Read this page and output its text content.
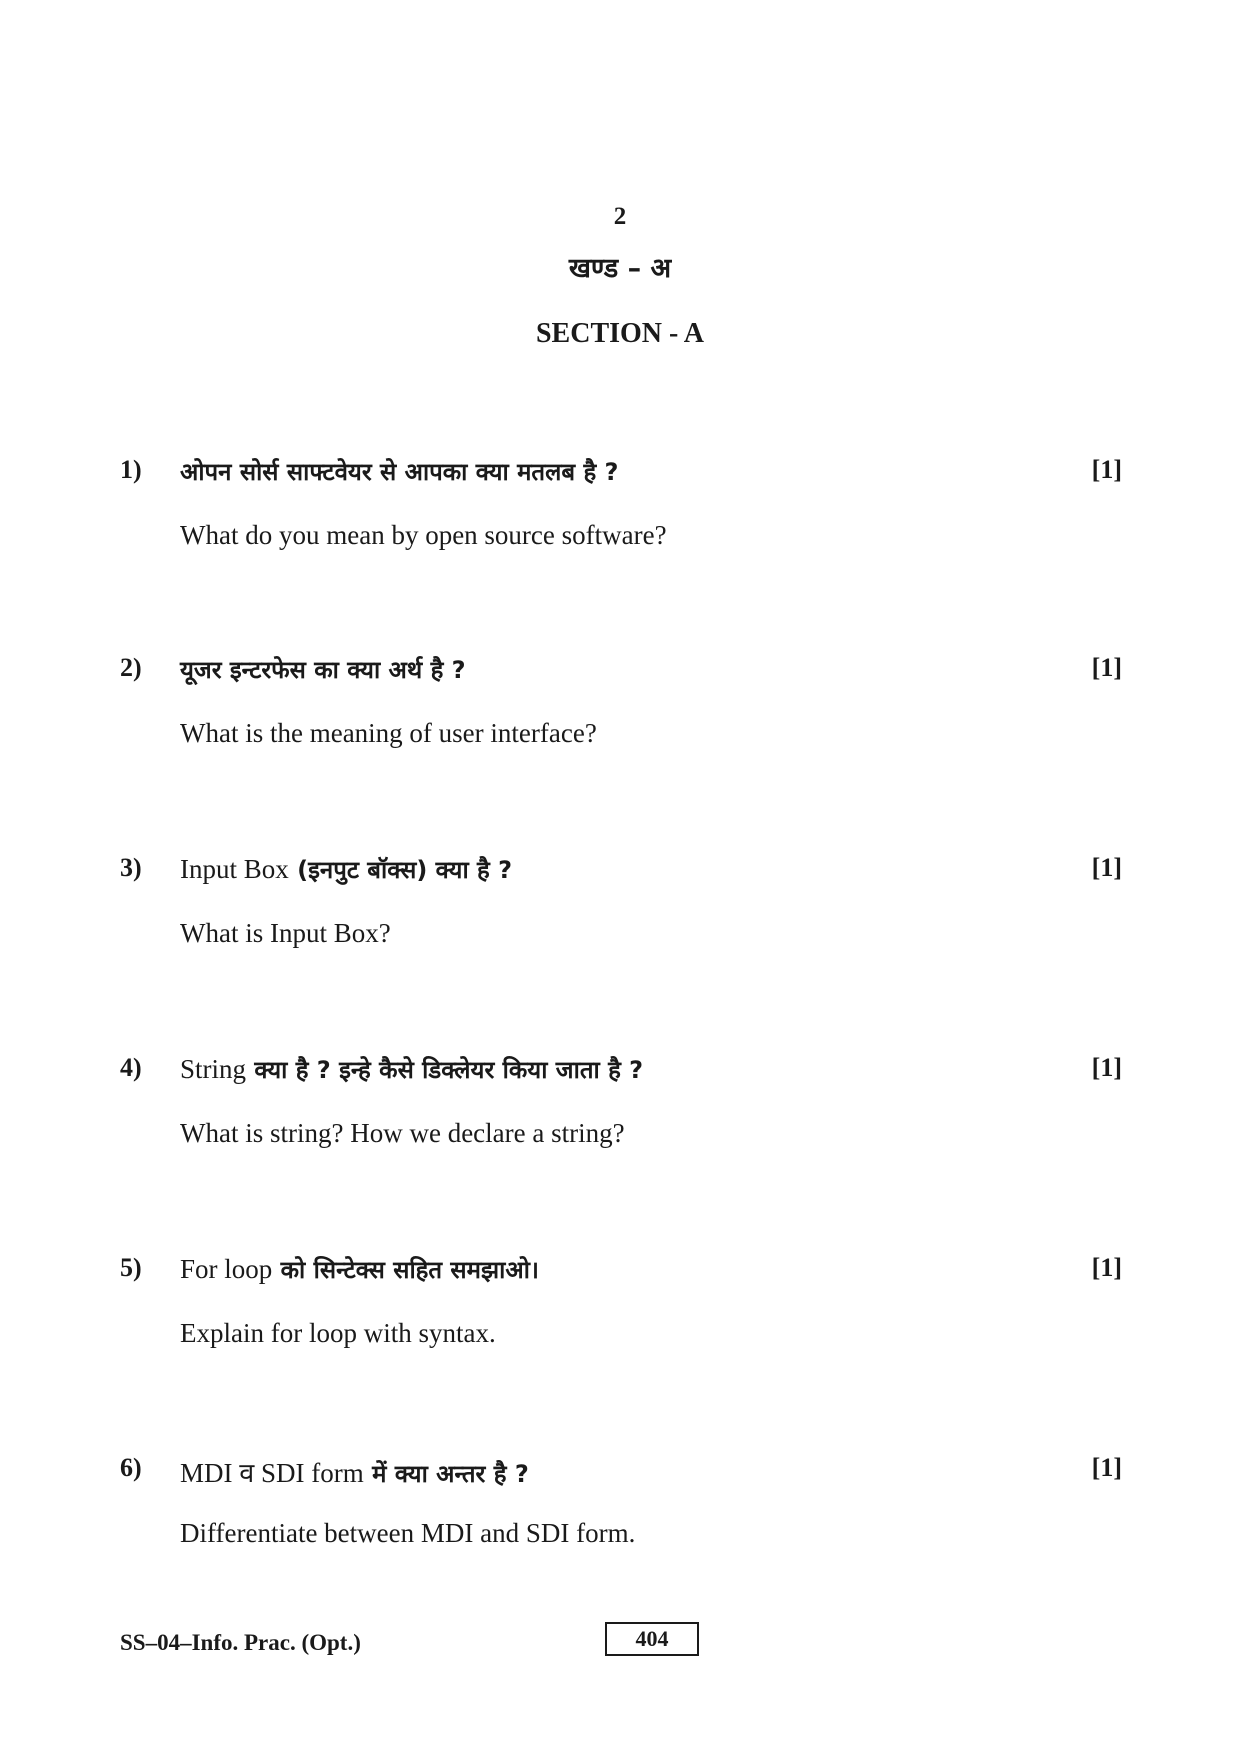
2
खण्ड – अ
SECTION - A
1) ओपन सोर्स साफ्टवेयर से आपका क्या मतलब है ?	[1]
What do you mean by open source software?
2) यूजर इन्टरफेस का क्या अर्थ है ?	[1]
What is the meaning of user interface?
3) Input Box (इनपुट बॉक्स) क्या है ?	[1]
What is Input Box?
4) String क्या है ? इन्हे कैसे डिक्लेयर किया जाता है ?	[1]
What is string? How we declare a string?
5) For loop को सिन्टेक्स सहित समझाओ।	[1]
Explain for loop with syntax.
6) MDI व SDI form में क्या अन्तर है ?	[1]
Differentiate between MDI and SDI form.
SS–04–Info. Prac. (Opt.)	404
